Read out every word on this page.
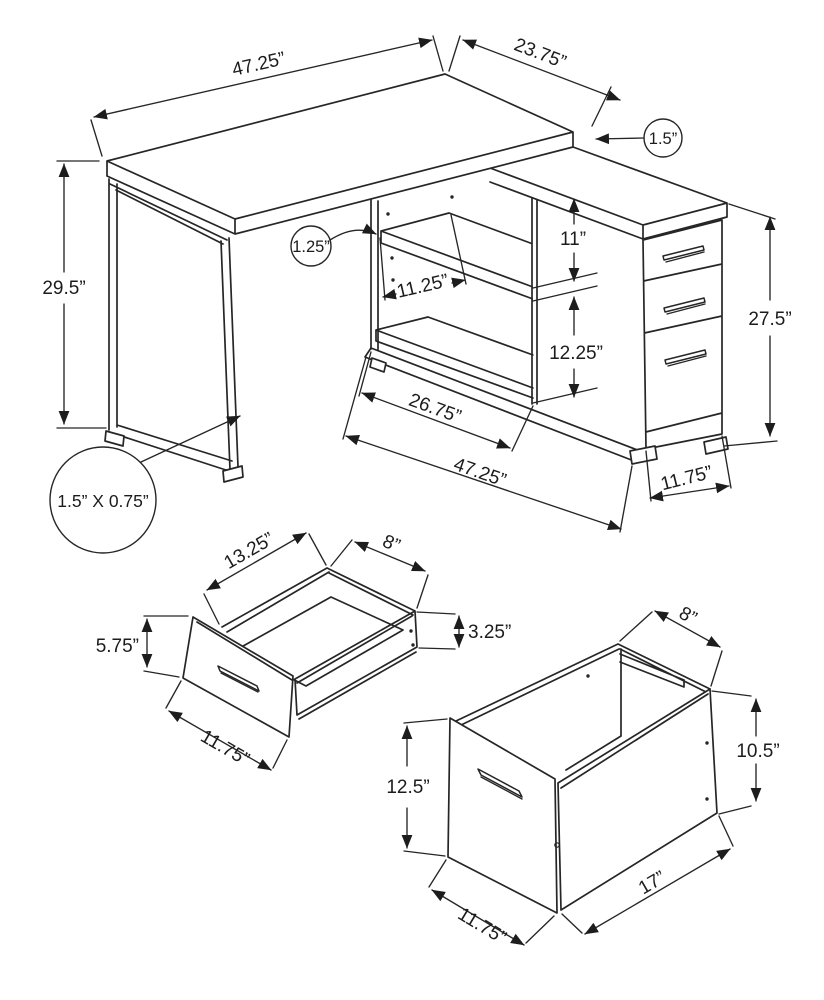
47.25”	23.75”
1.5”
29.5”
1.25”
11.25”
11”
12.25”
26.75”
47.25”
27.5”
11.75”
1.5” X 0.75”
13.25”	8”
5.75”
3.25”
11.75”
8”
10.5”
12.5”
17”
11.75”
